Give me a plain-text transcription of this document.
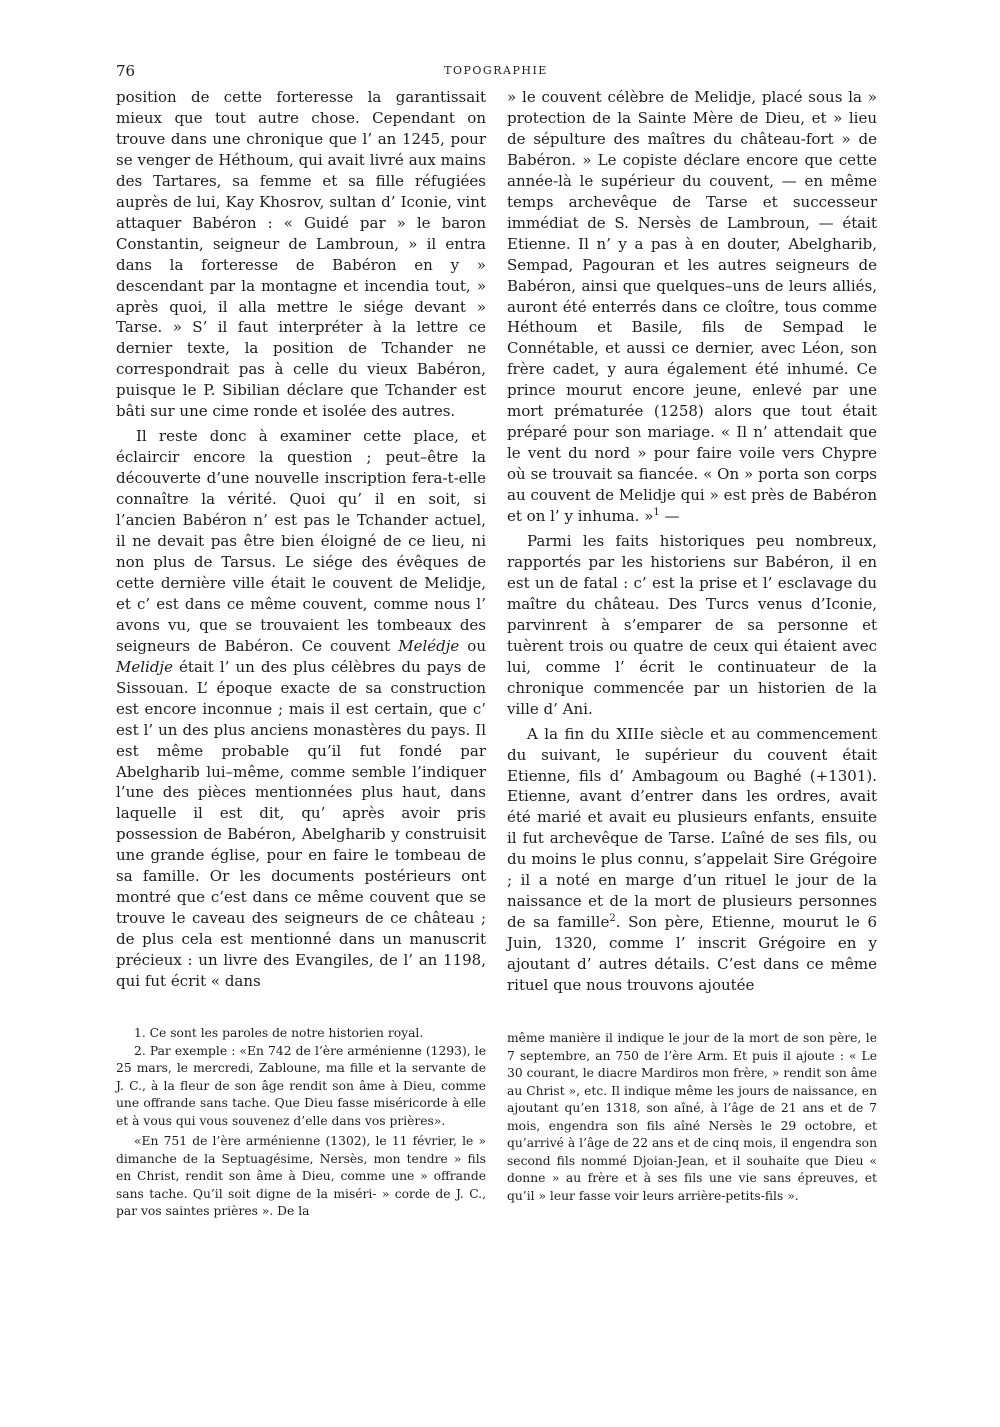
76	TOPOGRAPHIE

position de cette forteresse la garantissait mieux que tout autre chose. Cependant on trouve dans une chronique que l’ an 1245, pour se venger de Héthoum, qui avait livré aux mains des Tartares, sa femme et sa fille réfugiées auprès de lui, Kay Khosrov, sultan d’ Iconie, vint attaquer Babéron : « Guidé par » le baron Constantin, seigneur de Lambroun, » il entra dans la forteresse de Babéron en y » descendant par la montagne et incendia tout, » après quoi, il alla mettre le siége devant » Tarse. » S’ il faut interpréter à la lettre ce dernier texte, la position de Tchander ne correspondrait pas à celle du vieux Babéron, puisque le P. Sibilian déclare que Tchander est bâti sur une cime ronde et isolée des autres.

Il reste donc à examiner cette place, et éclaircir encore la question ; peut–être la découverte d’une nouvelle inscription fera-t-elle connaître la vérité. Quoi qu’ il en soit, si l’ancien Babéron n’ est pas le Tchander actuel, il ne devait pas être bien éloigné de ce lieu, ni non plus de Tarsus. Le siége des évêques de cette dernière ville était le couvent de Melidje, et c’ est dans ce même couvent, comme nous l’ avons vu, que se trouvaient les tombeaux des seigneurs de Babéron. Ce couvent Melédje ou Melidje était l’ un des plus célèbres du pays de Sissouan. L’ époque exacte de sa construction est encore inconnue ; mais il est certain, que c’ est l’ un des plus anciens monastères du pays. Il est même probable qu’il fut fondé par Abelgharib lui–même, comme semble l’indiquer l’une des pièces mentionnées plus haut, dans laquelle il est dit, qu’ après avoir pris possession de Babéron, Abelgharib y construisit une grande église, pour en faire le tombeau de sa famille. Or les documents postérieurs ont montré que c’est dans ce même couvent que se trouve le caveau des seigneurs de ce château ; de plus cela est mentionné dans un manuscrit précieux : un livre des Evangiles, de l’ an 1198, qui fut écrit « dans

» le couvent célèbre de Melidje, placé sous la » protection de la Sainte Mère de Dieu, et » lieu de sépulture des maîtres du château-fort » de Babéron. » Le copiste déclare encore que cette année-là le supérieur du couvent, — en même temps archevêque de Tarse et successeur immédiat de S. Nersès de Lambroun, — était Etienne. Il n’ y a pas à en douter, Abelgharib, Sempad, Pagouran et les autres seigneurs de Babéron, ainsi que quelques–uns de leurs alliés, auront été enterrés dans ce cloître, tous comme Héthoum et Basile, fils de Sempad le Connétable, et aussi ce dernier, avec Léon, son frère cadet, y aura également été inhumé. Ce prince mourut encore jeune, enlevé par une mort prématurée (1258) alors que tout était préparé pour son mariage. « Il n’ attendait que le vent du nord » pour faire voile vers Chypre où se trouvait sa fiancée. « On » porta son corps au couvent de Melidje qui » est près de Babéron et on l’ y inhuma. »$^1$ —

Parmi les faits historiques peu nombreux, rapportés par les historiens sur Babéron, il en est un de fatal : c’ est la prise et l’ esclavage du maître du château. Des Turcs venus d’Iconie, parvinrent à s’emparer de sa personne et tuèrent trois ou quatre de ceux qui étaient avec lui, comme l’ écrit le continuateur de la chronique commencée par un historien de la ville d’ Ani.

A la fin du XIIIe siècle et au commencement du suivant, le supérieur du couvent était Etienne, fils d’ Ambagoum ou Baghé (+1301). Etienne, avant d’entrer dans les ordres, avait été marié et avait eu plusieurs enfants, ensuite il fut archevêque de Tarse. L’aîné de ses fils, ou du moins le plus connu, s’appelait Sire Grégoire ; il a noté en marge d’un rituel le jour de la naissance et de la mort de plusieurs personnes de sa famille$^2$. Son père, Etienne, mourut le 6 Juin, 1320, comme l’ inscrit Grégoire en y ajoutant d’ autres détails. C’est dans ce même rituel que nous trouvons ajoutée

1. Ce sont les paroles de notre historien royal.

2. Par exemple : «En 742 de l’ère arménienne (1293), le 25 mars, le mercredi, Zabloune, ma fille et la servante de J. C., à la fleur de son âge rendit son âme à Dieu, comme une offrande sans tache. Que Dieu fasse miséricorde à elle et à vous qui vous souvenez d’elle dans vos prières».

«En 751 de l’ère arménienne (1302), le 11 février, le » dimanche de la Septuagésime, Nersès, mon tendre » fils en Christ, rendit son âme à Dieu, comme une » offrande sans tache. Qu’il soit digne de la miséri- » corde de J. C., par vos saintes prières ». De la

même manière il indique le jour de la mort de son père, le 7 septembre, an 750 de l’ère Arm. Et puis il ajoute : « Le 30 courant, le diacre Mardiros mon frère, » rendit son âme au Christ », etc. Il indique même les jours de naissance, en ajoutant qu’en 1318, son aîné, à l’âge de 21 ans et de 7 mois, engendra son fils aîné Nersès le 29 octobre, et qu’arrivé à l’âge de 22 ans et de cinq mois, il engendra son second fils nommé Djoian-Jean, et il souhaite que Dieu « donne » au frère et à ses fils une vie sans épreuves, et qu’il » leur fasse voir leurs arrière-petits-fils ».
